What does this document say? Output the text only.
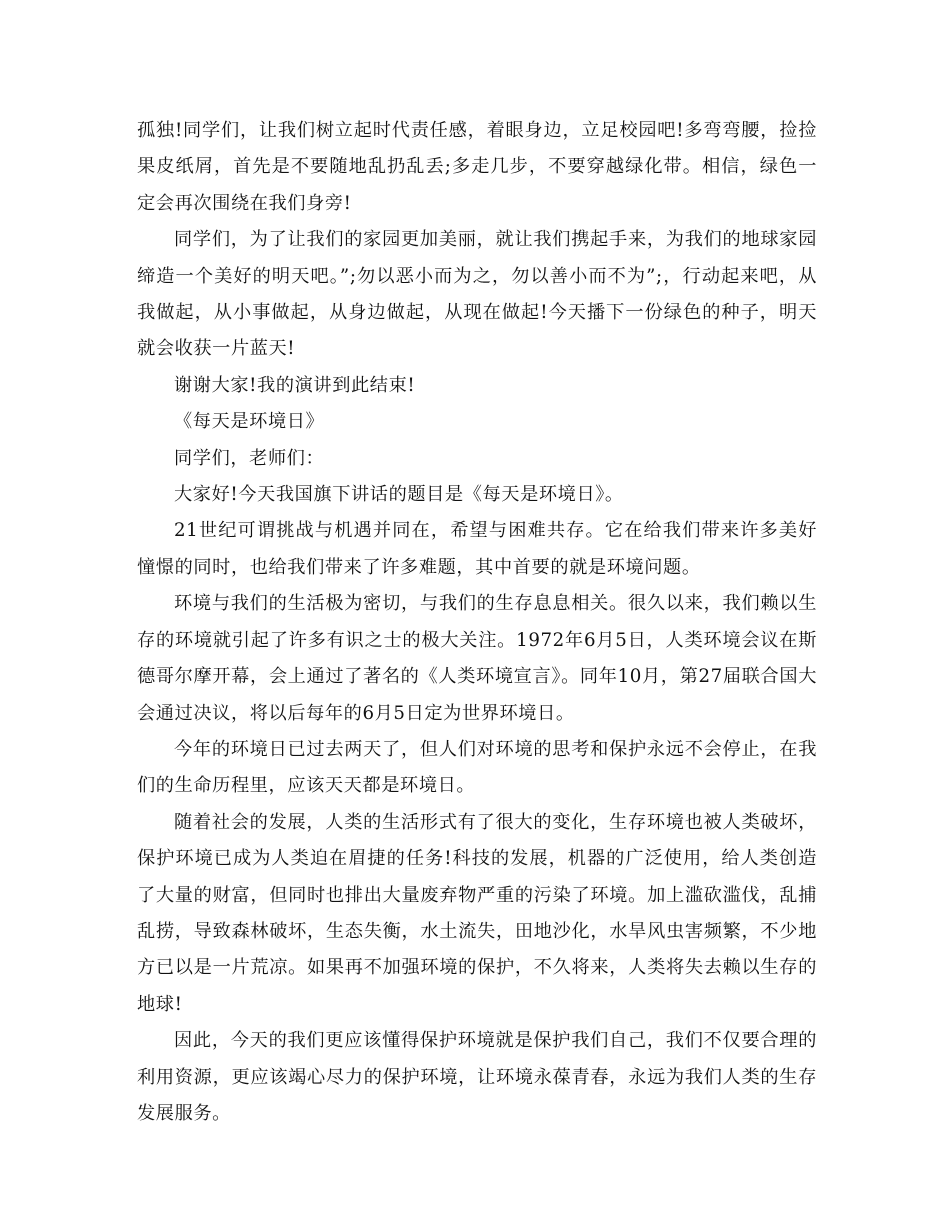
孤独!同学们，让我们树立起时代责任感，着眼身边，立足校园吧!多弯弯腰，捡捡果皮纸屑，首先是不要随地乱扔乱丢;多走几步，不要穿越绿化带。相信，绿色一定会再次围绕在我们身旁!

同学们，为了让我们的家园更加美丽，就让我们携起手来，为我们的地球家园缔造一个美好的明天吧。”;勿以恶小而为之，勿以善小而不为”;，行动起来吧，从我做起，从小事做起，从身边做起，从现在做起!今天播下一份绿色的种子，明天就会收获一片蓝天!

谢谢大家!我的演讲到此结束!

《每天是环境日》

同学们，老师们：

大家好!今天我国旗下讲话的题目是《每天是环境日》。

21世纪可谓挑战与机遇并同在，希望与困难共存。它在给我们带来许多美好憧憬的同时，也给我们带来了许多难题，其中首要的就是环境问题。

环境与我们的生活极为密切，与我们的生存息息相关。很久以来，我们赖以生存的环境就引起了许多有识之士的极大关注。1972年6月5日，人类环境会议在斯德哥尔摩开幕，会上通过了著名的《人类环境宣言》。同年10月，第27届联合国大会通过决议，将以后每年的6月5日定为世界环境日。

今年的环境日已过去两天了，但人们对环境的思考和保护永远不会停止，在我们的生命历程里，应该天天都是环境日。

随着社会的发展，人类的生活形式有了很大的变化，生存环境也被人类破坏，保护环境已成为人类迫在眉捷的任务!科技的发展，机器的广泛使用，给人类创造了大量的财富，但同时也排出大量废弃物严重的污染了环境。加上滥砍滥伐，乱捕乱捞，导致森林破坏，生态失衡，水土流失，田地沙化，水旱风虫害频繁，不少地方已以是一片荒凉。如果再不加强环境的保护，不久将来，人类将失去赖以生存的地球!

因此，今天的我们更应该懂得保护环境就是保护我们自己，我们不仅要合理的利用资源，更应该竭心尽力的保护环境，让环境永葆青春，永远为我们人类的生存发展服务。
